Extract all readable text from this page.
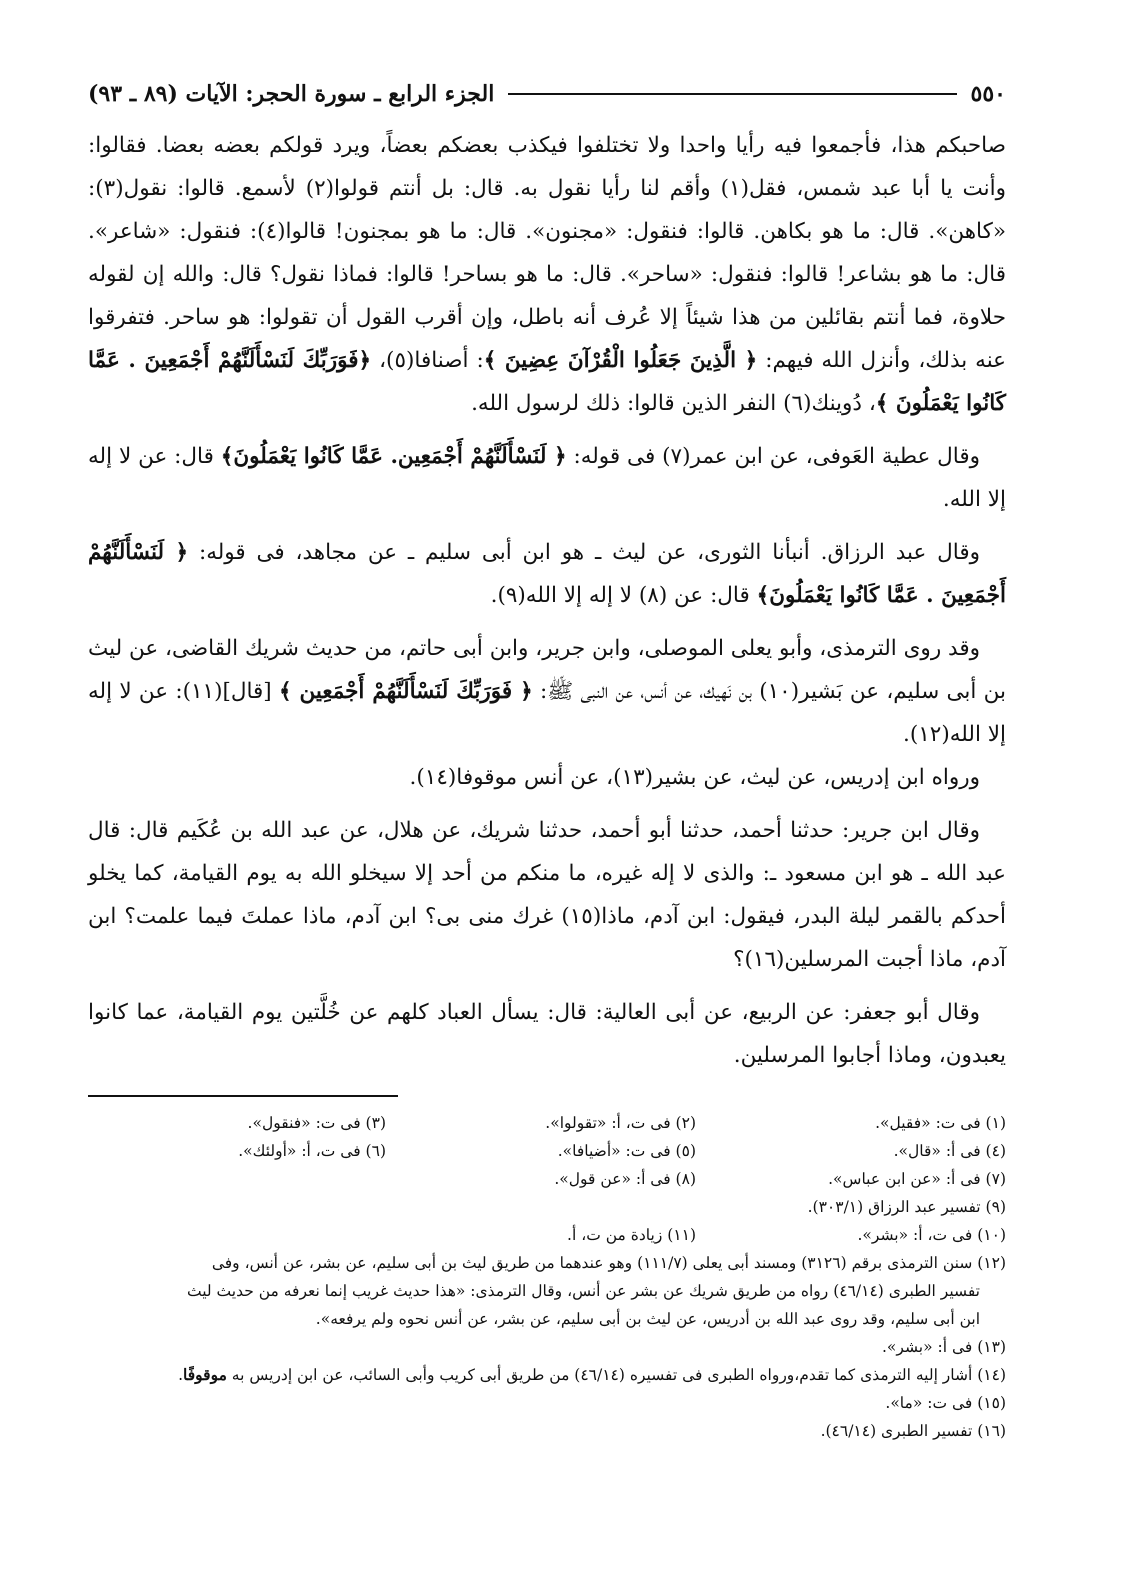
٥٥٠
الجزء الرابع ـ سورة الحجر: الآيات (٨٩ ـ ٩٣)

صاحبكم هذا، فأجمعوا فيه رأيا واحدا ولا تختلفوا فيكذب بعضكم بعضاً، ويرد قولكم بعضه بعضا. فقالوا: وأنت يا أبا عبد شمس، فقل(١) وأقم لنا رأيا نقول به. قال: بل أنتم قولوا(٢) لأسمع. قالوا: نقول(٣): «كاهن». قال: ما هو بكاهن. قالوا: فنقول: «مجنون». قال: ما هو بمجنون! قالوا(٤): فنقول: «شاعر». قال: ما هو بشاعر! قالوا: فنقول: «ساحر». قال: ما هو بساحر! قالوا: فماذا نقول؟ قال: والله إن لقوله حلاوة، فما أنتم بقائلين من هذا شيئاً إلا عُرف أنه باطل، وإن أقرب القول أن تقولوا: هو ساحر. فتفرقوا عنه بذلك، وأنزل الله فيهم: ﴿ الَّذِينَ جَعَلُوا الْقُرْآنَ عِضِينَ ﴾: أصنافا(٥)، ﴿فَوَرَبِّكَ لَنَسْأَلَنَّهُمْ أَجْمَعِينَ . عَمَّا كَانُوا يَعْمَلُونَ ﴾، دُوينك(٦) النفر الذين قالوا: ذلك لرسول الله.

وقال عطية العَوفى، عن ابن عمر(٧) فى قوله: ﴿ لَنَسْأَلَنَّهُمْ أَجْمَعِين. عَمَّا كَانُوا يَعْمَلُونَ﴾ قال: عن لا إله إلا الله.

وقال عبد الرزاق. أنبأنا الثورى، عن ليث ـ هو ابن أبى سليم ـ عن مجاهد، فى قوله: ﴿ لَنَسْأَلَنَّهُمْ أَجْمَعِينَ . عَمَّا كَانُوا يَعْمَلُونَ﴾ قال: عن (٨) لا إله إلا الله(٩).

وقد روى الترمذى، وأبو يعلى الموصلى، وابن جرير، وابن أبى حاتم، من حديث شريك القاضى، عن ليث بن أبى سليم، عن بَشير(١٠) بن نَهيك، عن أنس، عن النبى ﷺ: ﴿ فَوَرَبِّكَ لَنَسْأَلَنَّهُمْ أَجْمَعِين ﴾ [قال](١١): عن لا إله إلا الله(١٢).

ورواه ابن إدريس، عن ليث، عن بشير(١٣)، عن أنس موقوفا(١٤).

وقال ابن جرير: حدثنا أحمد، حدثنا أبو أحمد، حدثنا شريك، عن هلال، عن عبد الله بن عُكَيم قال: قال عبد الله ـ هو ابن مسعود ـ: والذى لا إله غيره، ما منكم من أحد إلا سيخلو الله به يوم القيامة، كما يخلو أحدكم بالقمر ليلة البدر، فيقول: ابن آدم، ماذا(١٥) غرك منى بى؟ ابن آدم، ماذا عملتَ فيما علمت؟ ابن آدم، ماذا أجبت المرسلين(١٦)؟

وقال أبو جعفر: عن الربيع، عن أبى العالية: قال: يسأل العباد كلهم عن خُلَّتين يوم القيامة، عما كانوا يعبدون، وماذا أجابوا المرسلين.

(١) فى ت: «فقيل».
(٢) فى ت، أ: «تقولوا».
(٣) فى ت: «فنقول».
(٤) فى أ: «قال».
(٥) فى ت: «أضيافا».
(٦) فى ت، أ: «أولئك».
(٧) فى أ: «عن ابن عباس».
(٨) فى أ: «عن قول».
(٩) تفسير عبد الرزاق (٣٠٣/١).
(١٠) فى ت، أ: «بشر».
(١١) زيادة من ت، أ.
(١٢) سنن الترمذى برقم (٣١٢٦) ومسند أبى يعلى (١١١/٧) وهو عندهما من طريق ليث بن أبى سليم، عن بشر، عن أنس، وفى
تفسير الطبرى (٤٦/١٤) رواه من طريق شريك عن بشر عن أنس، وقال الترمذى: «هذا حديث غريب إنما نعرفه من حديث ليث
ابن أبى سليم، وقد روى عبد الله بن أدريس، عن ليث بن أبى سليم، عن بشر، عن أنس نحوه ولم يرفعه».
(١٣) فى أ: «بشر».
(١٤) أشار إليه الترمذى كما تقدم،ورواه الطبرى فى تفسيره (٤٦/١٤) من طريق أبى كريب وأبى السائب، عن ابن إدريس به موقوفًا.
(١٥) فى ت: «ما».
(١٦) تفسير الطبرى (٤٦/١٤).
